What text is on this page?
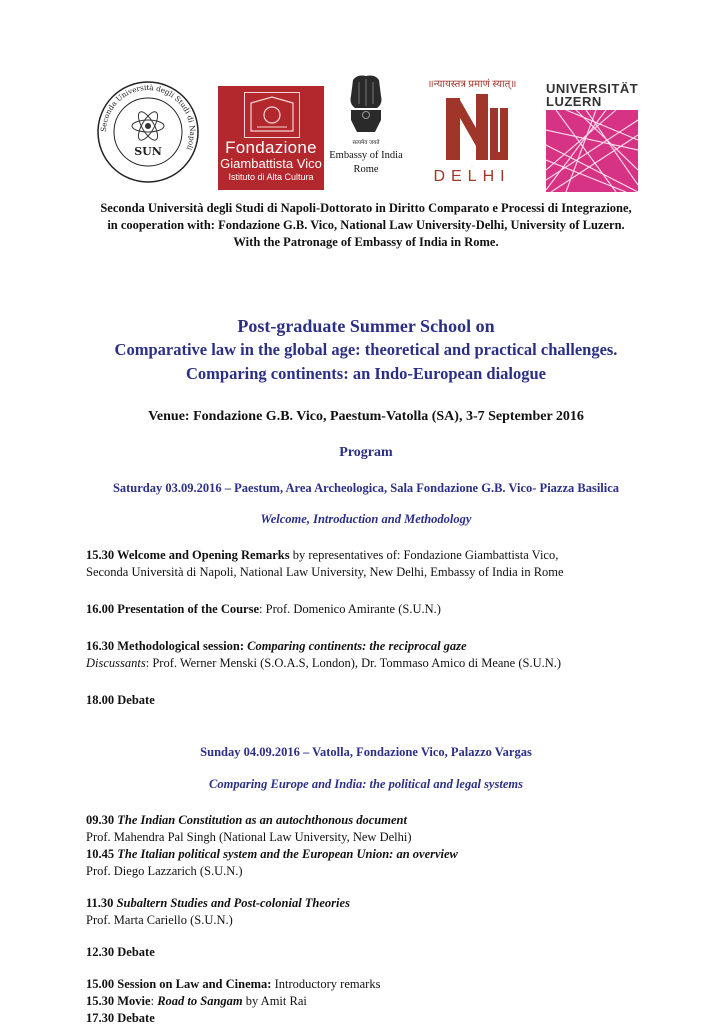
Seconda Università degli Studi di Napoli
SUN	Fondazione
Giambattista Vico
Istituto di Alta Cultura
सत्यमेव जयते
Embassy of India
Rome
॥न्यायस्तत्र प्रमाणं स्यात्॥
NLU
DELHI
UNIVERSITÄT
LUZERN
Seconda Università degli Studi di Napoli-Dottorato in Diritto Comparato e Processi di Integrazione,
in cooperation with: Fondazione G.B. Vico, National Law University-Delhi, University of Luzern.
With the Patronage of Embassy of India in Rome.
Post-graduate Summer School on
Comparative law in the global age: theoretical and practical challenges.
Comparing continents: an Indo-European dialogue
Venue: Fondazione G.B. Vico, Paestum-Vatolla (SA), 3-7 September 2016
Program
Saturday 03.09.2016 – Paestum, Area Archeologica, Sala Fondazione G.B. Vico- Piazza Basilica
Welcome, Introduction and Methodology
15.30 Welcome and Opening Remarks by representatives of: Fondazione Giambattista Vico,
Seconda Università di Napoli, National Law University, New Delhi, Embassy of India in Rome
16.00 Presentation of the Course: Prof. Domenico Amirante (S.U.N.)
16.30 Methodological session: Comparing continents: the reciprocal gaze
Discussants: Prof. Werner Menski (S.O.A.S, London), Dr. Tommaso Amico di Meane (S.U.N.)
18.00 Debate
Sunday 04.09.2016 – Vatolla, Fondazione Vico, Palazzo Vargas
Comparing Europe and India: the political and legal systems
09.30 The Indian Constitution as an autochthonous document
Prof. Mahendra Pal Singh (National Law University, New Delhi)
10.45 The Italian political system and the European Union: an overview
Prof. Diego Lazzarich (S.U.N.)
11.30 Subaltern Studies and Post-colonial Theories
Prof. Marta Cariello (S.U.N.)
12.30 Debate
15.00 Session on Law and Cinema: Introductory remarks
15.30 Movie: Road to Sangam by Amit Rai
17.30 Debate
